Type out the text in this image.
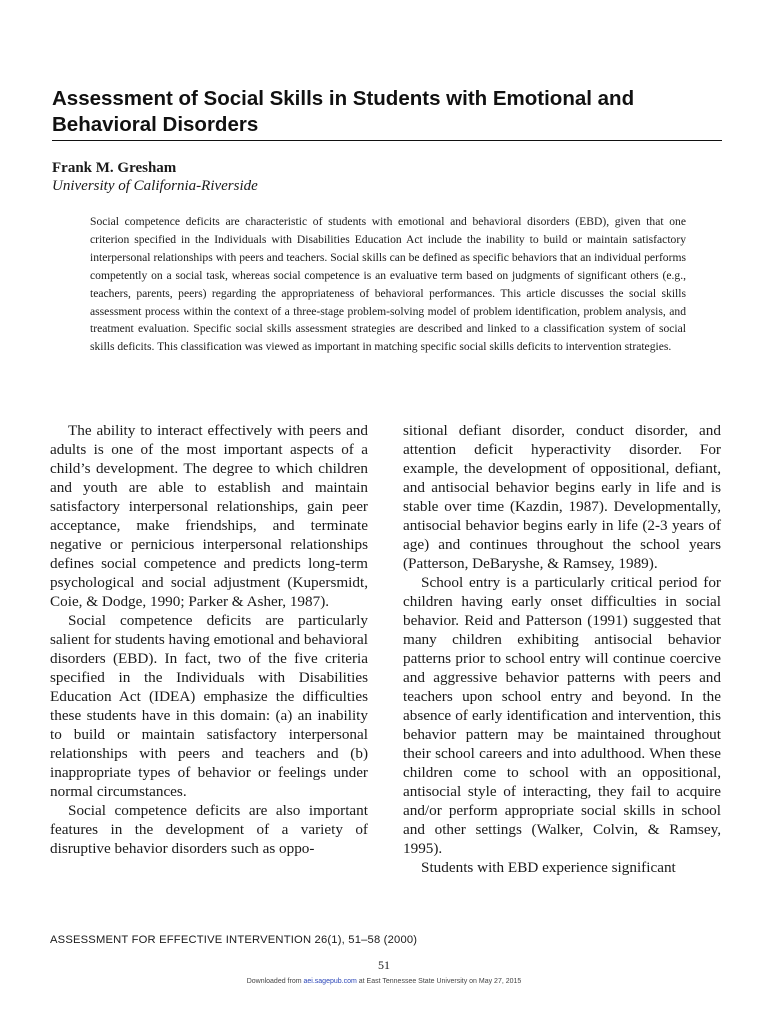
Assessment of Social Skills in Students with Emotional and Behavioral Disorders
Frank M. Gresham
University of California-Riverside

Social competence deficits are characteristic of students with emotional and behavioral disorders (EBD), given that one criterion specified in the Individuals with Disabilities Education Act include the inability to build or maintain satisfactory interpersonal relationships with peers and teachers. Social skills can be defined as specific behaviors that an individual performs competently on a social task, whereas social competence is an evaluative term based on judgments of significant others (e.g., teachers, parents, peers) regarding the appropriateness of behavioral performances. This article discusses the social skills assessment process within the context of a three-stage problem-solving model of problem identification, problem analysis, and treatment evaluation. Specific social skills assessment strategies are described and linked to a classification system of social skills deficits. This classification was viewed as important in matching specific social skills deficits to intervention strategies.

The ability to interact effectively with peers and adults is one of the most important aspects of a child’s development. The degree to which children and youth are able to establish and maintain satisfactory interpersonal relationships, gain peer acceptance, make friendships, and terminate negative or pernicious interpersonal relationships defines social competence and predicts long-term psychological and social adjustment (Kupersmidt, Coie, & Dodge, 1990; Parker & Asher, 1987).

Social competence deficits are particularly salient for students having emotional and behavioral disorders (EBD). In fact, two of the five criteria specified in the Individuals with Disabilities Education Act (IDEA) emphasize the difficulties these students have in this domain: (a) an inability to build or maintain satisfactory interpersonal relationships with peers and teachers and (b) inappropriate types of behavior or feelings under normal circumstances.

Social competence deficits are also important features in the development of a variety of disruptive behavior disorders such as oppo-

sitional defiant disorder, conduct disorder, and attention deficit hyperactivity disorder. For example, the development of oppositional, defiant, and antisocial behavior begins early in life and is stable over time (Kazdin, 1987). Developmentally, antisocial behavior begins early in life (2-3 years of age) and continues throughout the school years (Patterson, DeBaryshe, & Ramsey, 1989).

School entry is a particularly critical period for children having early onset difficulties in social behavior. Reid and Patterson (1991) suggested that many children exhibiting antisocial behavior patterns prior to school entry will continue coercive and aggressive behavior patterns with peers and teachers upon school entry and beyond. In the absence of early identification and intervention, this behavior pattern may be maintained throughout their school careers and into adulthood. When these children come to school with an oppositional, antisocial style of interacting, they fail to acquire and/or perform appropriate social skills in school and other settings (Walker, Colvin, & Ramsey, 1995).

Students with EBD experience significant

ASSESSMENT FOR EFFECTIVE INTERVENTION 26(1), 51–58 (2000)
51
Downloaded from aei.sagepub.com at East Tennessee State University on May 27, 2015
